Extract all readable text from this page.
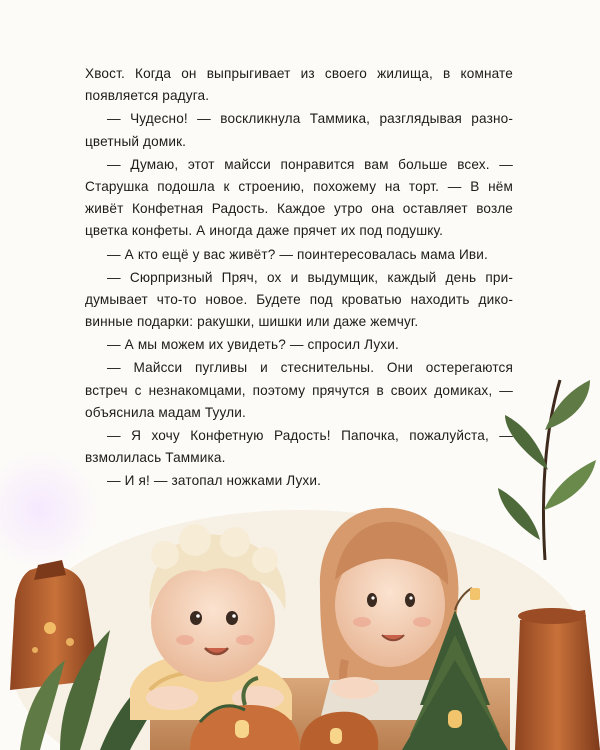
Хвост. Когда он выпрыгивает из своего жилища, в комнате
появляется радуга.
— Чудесно! — воскликнула Таммика, разглядывая разно-
цветный домик.
— Думаю, этот майсси понравится вам больше всех. —
Старушка подошла к строению, похожему на торт. — В нём
живёт Конфетная Радость. Каждое утро она оставляет возле
цветка конфеты. А иногда даже прячет их под подушку.
— А кто ещё у вас живёт? — поинтересовалась мама Иви.
— Сюрпризный Пряч, ох и выдумщик, каждый день при-
думывает что-то новое. Будете под кроватью находить дико-
винные подарки: ракушки, шишки или даже жемчуг.
— А мы можем их увидеть? — спросил Лухи.
— Майсси пугливы и стеснительны. Они остерегаются
встреч с незнакомцами, поэтому прячутся в своих домиках, —
объяснила мадам Туули.
— Я хочу Конфетную Радость! Папочка, пожалуйста, —
взмолилась Таммика.
— И я! — затопал ножками Лухи.
